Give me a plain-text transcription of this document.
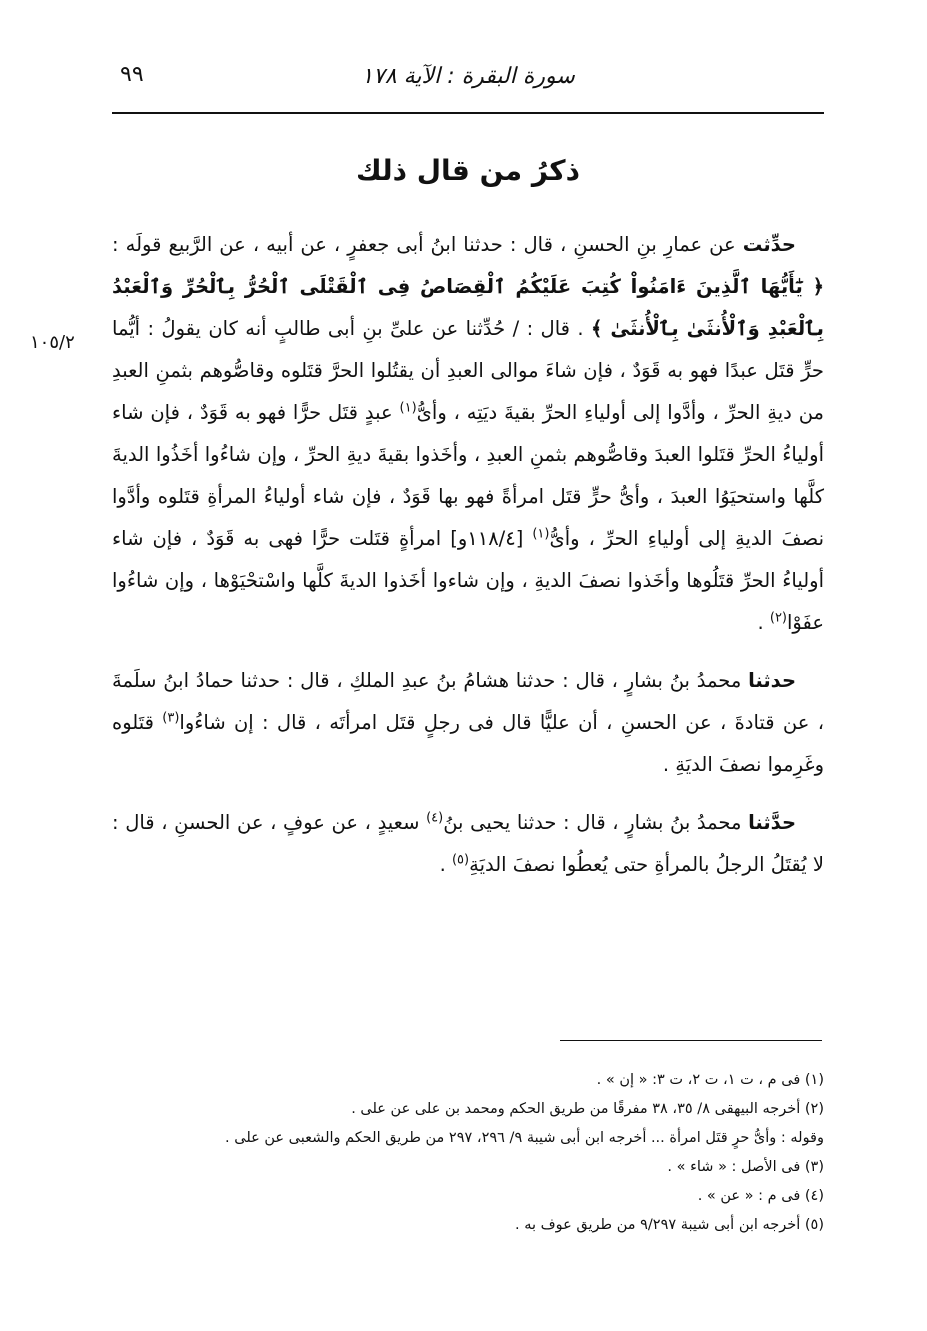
سورة البقرة : الآية ١٧٨
٩٩
ذكرُ من قال ذلك
١٠٥/٢

حدِّثت عن عمارِ بنِ الحسنِ ، قال : حدثنا ابنُ أبى جعفرٍ ، عن أبيه ، عن الرَّبيع قولَه : ﴿ يَٰٓأَيُّهَا ٱلَّذِينَ ءَامَنُواْ كُتِبَ عَلَيْكُمُ ٱلْقِصَاصُ فِى ٱلْقَتْلَى ٱلْحُرُّ بِٱلْحُرِّ وَٱلْعَبْدُ بِٱلْعَبْدِ وَٱلْأُنثَىٰ بِٱلْأُنثَىٰ ﴾ . قال : / حُدِّثنا عن علىِّ بنِ أبى طالبٍ أنه كان يقولُ : أيُّما حرٍّ قتَل عبدًا فهو به قَوَدٌ ، فإن شاءَ موالى العبدِ أن يقتُلوا الحرَّ قتَلوه وقاصُّوهم بثمنِ العبدِ من ديةِ الحرِّ ، وأدَّوا إلى أولياءِ الحرِّ بقيةَ ديَتِه ، وأىُّ$^{(١)}$ عبدٍ قتَل حرًّا فهو به قَوَدٌ ، فإن شاء أولياءُ الحرِّ قتَلوا العبدَ وقاصُّوهم بثمنِ العبدِ ، وأخَذوا بقيةَ ديةِ الحرِّ ، وإن شاءُوا أخَذُوا الديةَ كلَّها واستحيَوُا العبدَ ، وأىُّ حرٍّ قتَل امرأةً فهو بها قَوَدٌ ، فإن شاء أولياءُ المرأةِ قتَلوه وأدَّوا نصفَ الديةِ إلى أولياءِ الحرِّ ، وأىُّ$^{(١)}$ [١١٨/٤و] امرأةٍ قتَلت حرًّا فهى به قَوَدٌ ، فإن شاء أولياءُ الحرِّ قتَلُوها وأخَذوا نصفَ الديةِ ، وإن شاءوا أخَذوا الديةَ كلَّها واسْتحْيَوْها ، وإن شاءُوا عفَوْا$^{(٢)}$ .

حدثنا محمدُ بنُ بشارٍ ، قال : حدثنا هشامُ بنُ عبدِ الملكِ ، قال : حدثنا حمادُ ابنُ سلَمةَ ، عن قتادةَ ، عن الحسنِ ، أن عليًّا قال فى رجلٍ قتَل امرأتَه ، قال : إن شاءُوا$^{(٣)}$ قتَلوه وغَرِموا نصفَ الديَةِ .

حدَّثنا محمدُ بنُ بشارٍ ، قال : حدثنا يحيى بنُ$^{(٤)}$ سعيدٍ ، عن عوفٍ ، عن الحسنِ ، قال : لا يُقتَلُ الرجلُ بالمرأةِ حتى يُعطُوا نصفَ الديَةِ$^{(٥)}$ .

(١) فى م ، ت ١، ت ٢، ت ٣: « إن » .

(٢) أخرجه البيهقى ٨/ ٣٥، ٣٨ مفرقًا من طريق الحكم ومحمد بن على عن على .

وقوله : وأىُّ حرٍ قتَل امرأة ... أخرجه ابن أبى شيبة ٩/ ٢٩٦، ٢٩٧ من طريق الحكم والشعبى عن على .

(٣) فى الأصل : « شاء » .

(٤) فى م : « عن » .

(٥) أخرجه ابن أبى شيبة ٩/٢٩٧ من طريق عوف به .
